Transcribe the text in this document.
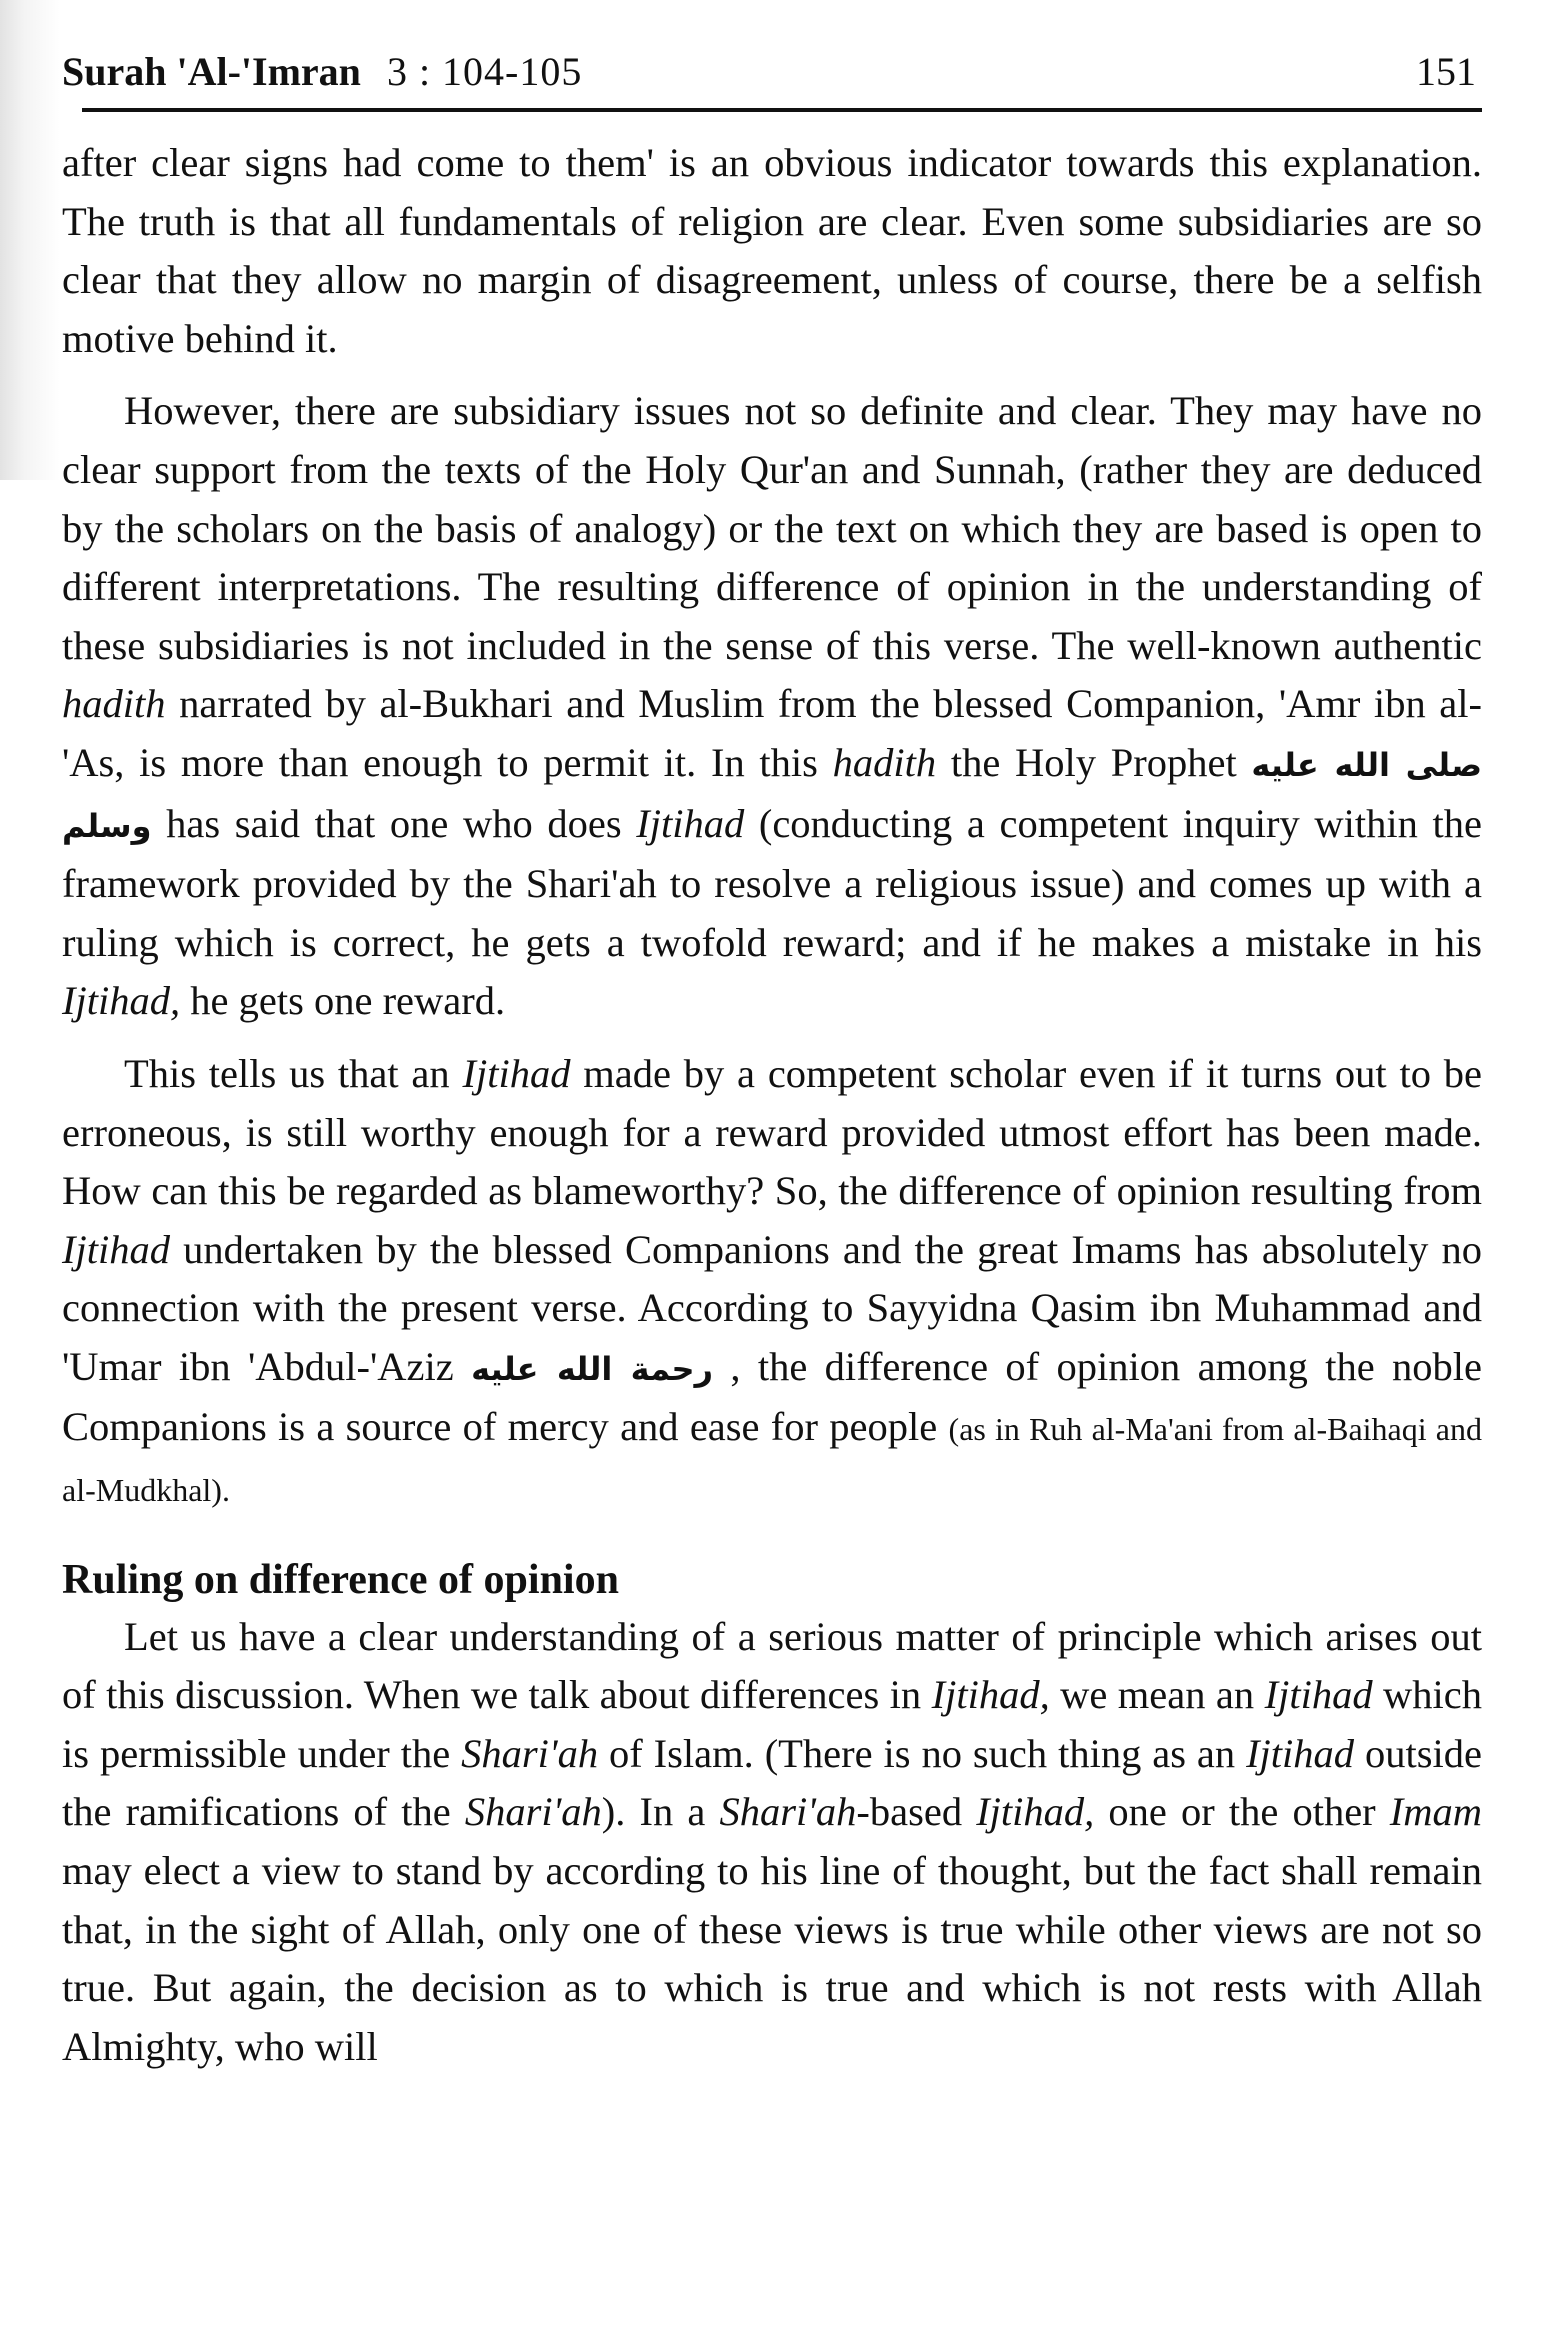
Surah 'Al-'Imran 3 : 104-105	151

after clear signs had come to them' is an obvious indicator towards this explanation. The truth is that all fundamentals of religion are clear. Even some subsidiaries are so clear that they allow no margin of disagreement, unless of course, there be a selfish motive behind it.

However, there are subsidiary issues not so definite and clear. They may have no clear support from the texts of the Holy Qur'an and Sunnah, (rather they are deduced by the scholars on the basis of analogy) or the text on which they are based is open to different interpretations. The resulting difference of opinion in the understanding of these subsidiaries is not included in the sense of this verse. The well-known authentic hadith narrated by al-Bukhari and Muslim from the blessed Companion, 'Amr ibn al-'As, is more than enough to permit it. In this hadith the Holy Prophet صلى الله عليه وسلم has said that one who does Ijtihad (conducting a competent inquiry within the framework provided by the Shari'ah to resolve a religious issue) and comes up with a ruling which is correct, he gets a twofold reward; and if he makes a mistake in his Ijtihad, he gets one reward.

This tells us that an Ijtihad made by a competent scholar even if it turns out to be erroneous, is still worthy enough for a reward provided utmost effort has been made. How can this be regarded as blameworthy? So, the difference of opinion resulting from Ijtihad undertaken by the blessed Companions and the great Imams has absolutely no connection with the present verse. According to Sayyidna Qasim ibn Muhammad and 'Umar ibn 'Abdul-'Aziz رحمة الله عليه , the difference of opinion among the noble Companions is a source of mercy and ease for people (as in Ruh al-Ma'ani from al-Baihaqi and al-Mudkhal).

Ruling on difference of opinion

Let us have a clear understanding of a serious matter of principle which arises out of this discussion. When we talk about differences in Ijtihad, we mean an Ijtihad which is permissible under the Shari'ah of Islam. (There is no such thing as an Ijtihad outside the ramifications of the Shari'ah). In a Shari'ah-based Ijtihad, one or the other Imam may elect a view to stand by according to his line of thought, but the fact shall remain that, in the sight of Allah, only one of these views is true while other views are not so true. But again, the decision as to which is true and which is not rests with Allah Almighty, who will
